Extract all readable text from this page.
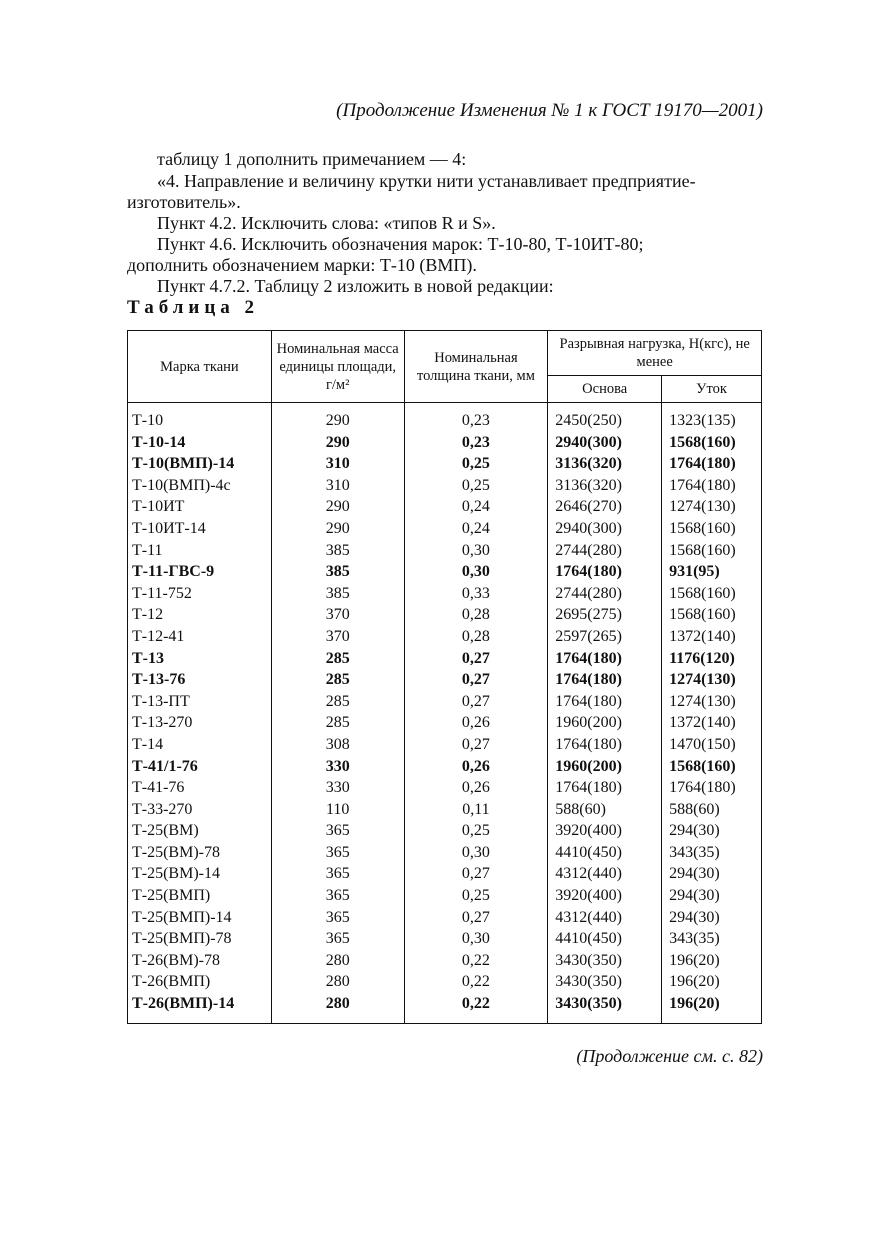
(Продолжение Изменения № 1 к ГОСТ 19170—2001)
таблицу 1 дополнить примечанием — 4:
«4. Направление и величину крутки нити устанавливает предприятие-
изготовитель».
Пункт 4.2. Исключить слова: «типов R и S».
Пункт 4.6. Исключить обозначения марок: Т-10-80, Т-10ИТ-80;
дополнить обозначением марки: Т-10 (ВМП).
Пункт 4.7.2. Таблицу 2 изложить в новой редакции:
Таблица 2
Марка ткани	Номинальная масса единицы площади, г/м²	Номинальная толщина ткани, мм	Разрывная нагрузка, Н(кгс), не менее	
			Основа	Уток
Т-10	290	0,23	2450(250)	1323(135)
Т-10-14	290	0,23	2940(300)	1568(160)
Т-10(ВМП)-14	310	0,25	3136(320)	1764(180)
Т-10(ВМП)-4с	310	0,25	3136(320)	1764(180)
Т-10ИТ	290	0,24	2646(270)	1274(130)
Т-10ИТ-14	290	0,24	2940(300)	1568(160)
Т-11	385	0,30	2744(280)	1568(160)
Т-11-ГВС-9	385	0,30	1764(180)	931(95)
Т-11-752	385	0,33	2744(280)	1568(160)
Т-12	370	0,28	2695(275)	1568(160)
Т-12-41	370	0,28	2597(265)	1372(140)
Т-13	285	0,27	1764(180)	1176(120)
Т-13-76	285	0,27	1764(180)	1274(130)
Т-13-ПТ	285	0,27	1764(180)	1274(130)
Т-13-270	285	0,26	1960(200)	1372(140)
Т-14	308	0,27	1764(180)	1470(150)
Т-41/1-76	330	0,26	1960(200)	1568(160)
Т-41-76	330	0,26	1764(180)	1764(180)
Т-33-270	110	0,11	588(60)	588(60)
Т-25(ВМ)	365	0,25	3920(400)	294(30)
Т-25(ВМ)-78	365	0,30	4410(450)	343(35)
Т-25(ВМ)-14	365	0,27	4312(440)	294(30)
Т-25(ВМП)	365	0,25	3920(400)	294(30)
Т-25(ВМП)-14	365	0,27	4312(440)	294(30)
Т-25(ВМП)-78	365	0,30	4410(450)	343(35)
Т-26(ВМ)-78	280	0,22	3430(350)	196(20)
Т-26(ВМП)	280	0,22	3430(350)	196(20)
Т-26(ВМП)-14	280	0,22	3430(350)	196(20)
(Продолжение см. с. 82)
